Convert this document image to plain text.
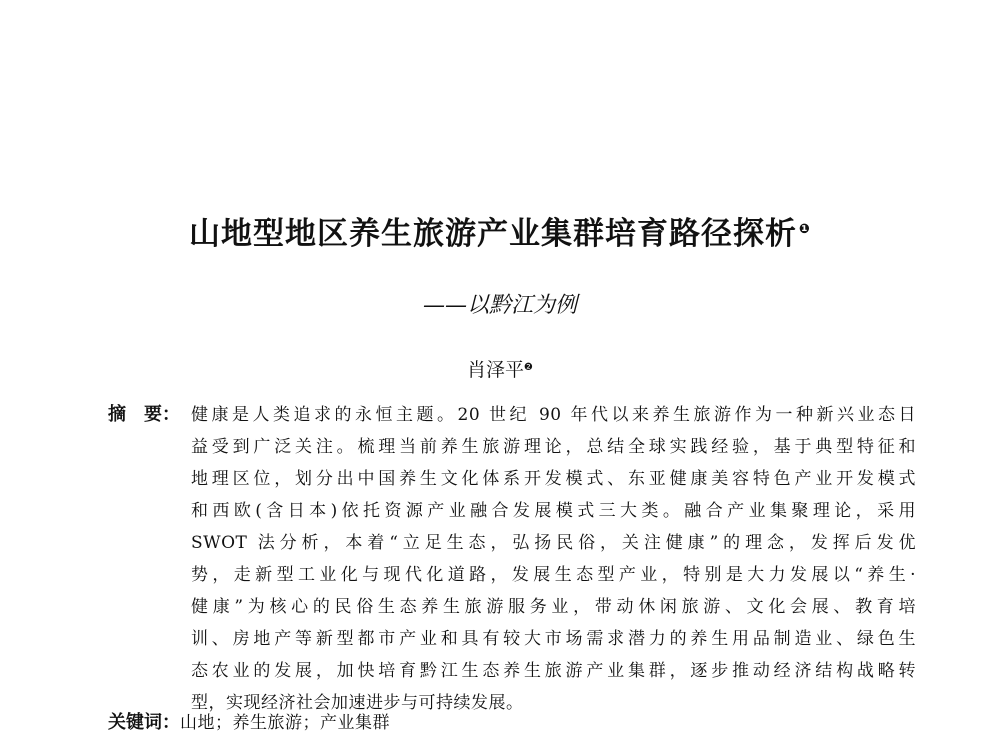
山地型地区养生旅游产业集群培育路径探析 $^❶$
——以黔江为例
肖泽平$^❷$
摘　要： 健康是人类追求的永恒主题。20 世纪 90 年代以来养生旅游作为一种新兴业态日
益受到广泛关注。梳理当前养生旅游理论，总结全球实践经验，基于典型特征和
地理区位，划分出中国养生文化体系开发模式、东亚健康美容特色产业开发模式
和西欧(含日本)依托资源产业融合发展模式三大类。融合产业集聚理论，采用
SWOT 法分析，本着“立足生态，弘扬民俗，关注健康”的理念，发挥后发优
势，走新型工业化与现代化道路，发展生态型产业，特别是大力发展以“养生·
健康”为核心的民俗生态养生旅游服务业，带动休闲旅游、文化会展、教育培
训、房地产等新型都市产业和具有较大市场需求潜力的养生用品制造业、绿色生
态农业的发展，加快培育黔江生态养生旅游产业集群，逐步推动经济结构战略转
型，实现经济社会加速进步与可持续发展。
关键词：山地；养生旅游；产业集群
